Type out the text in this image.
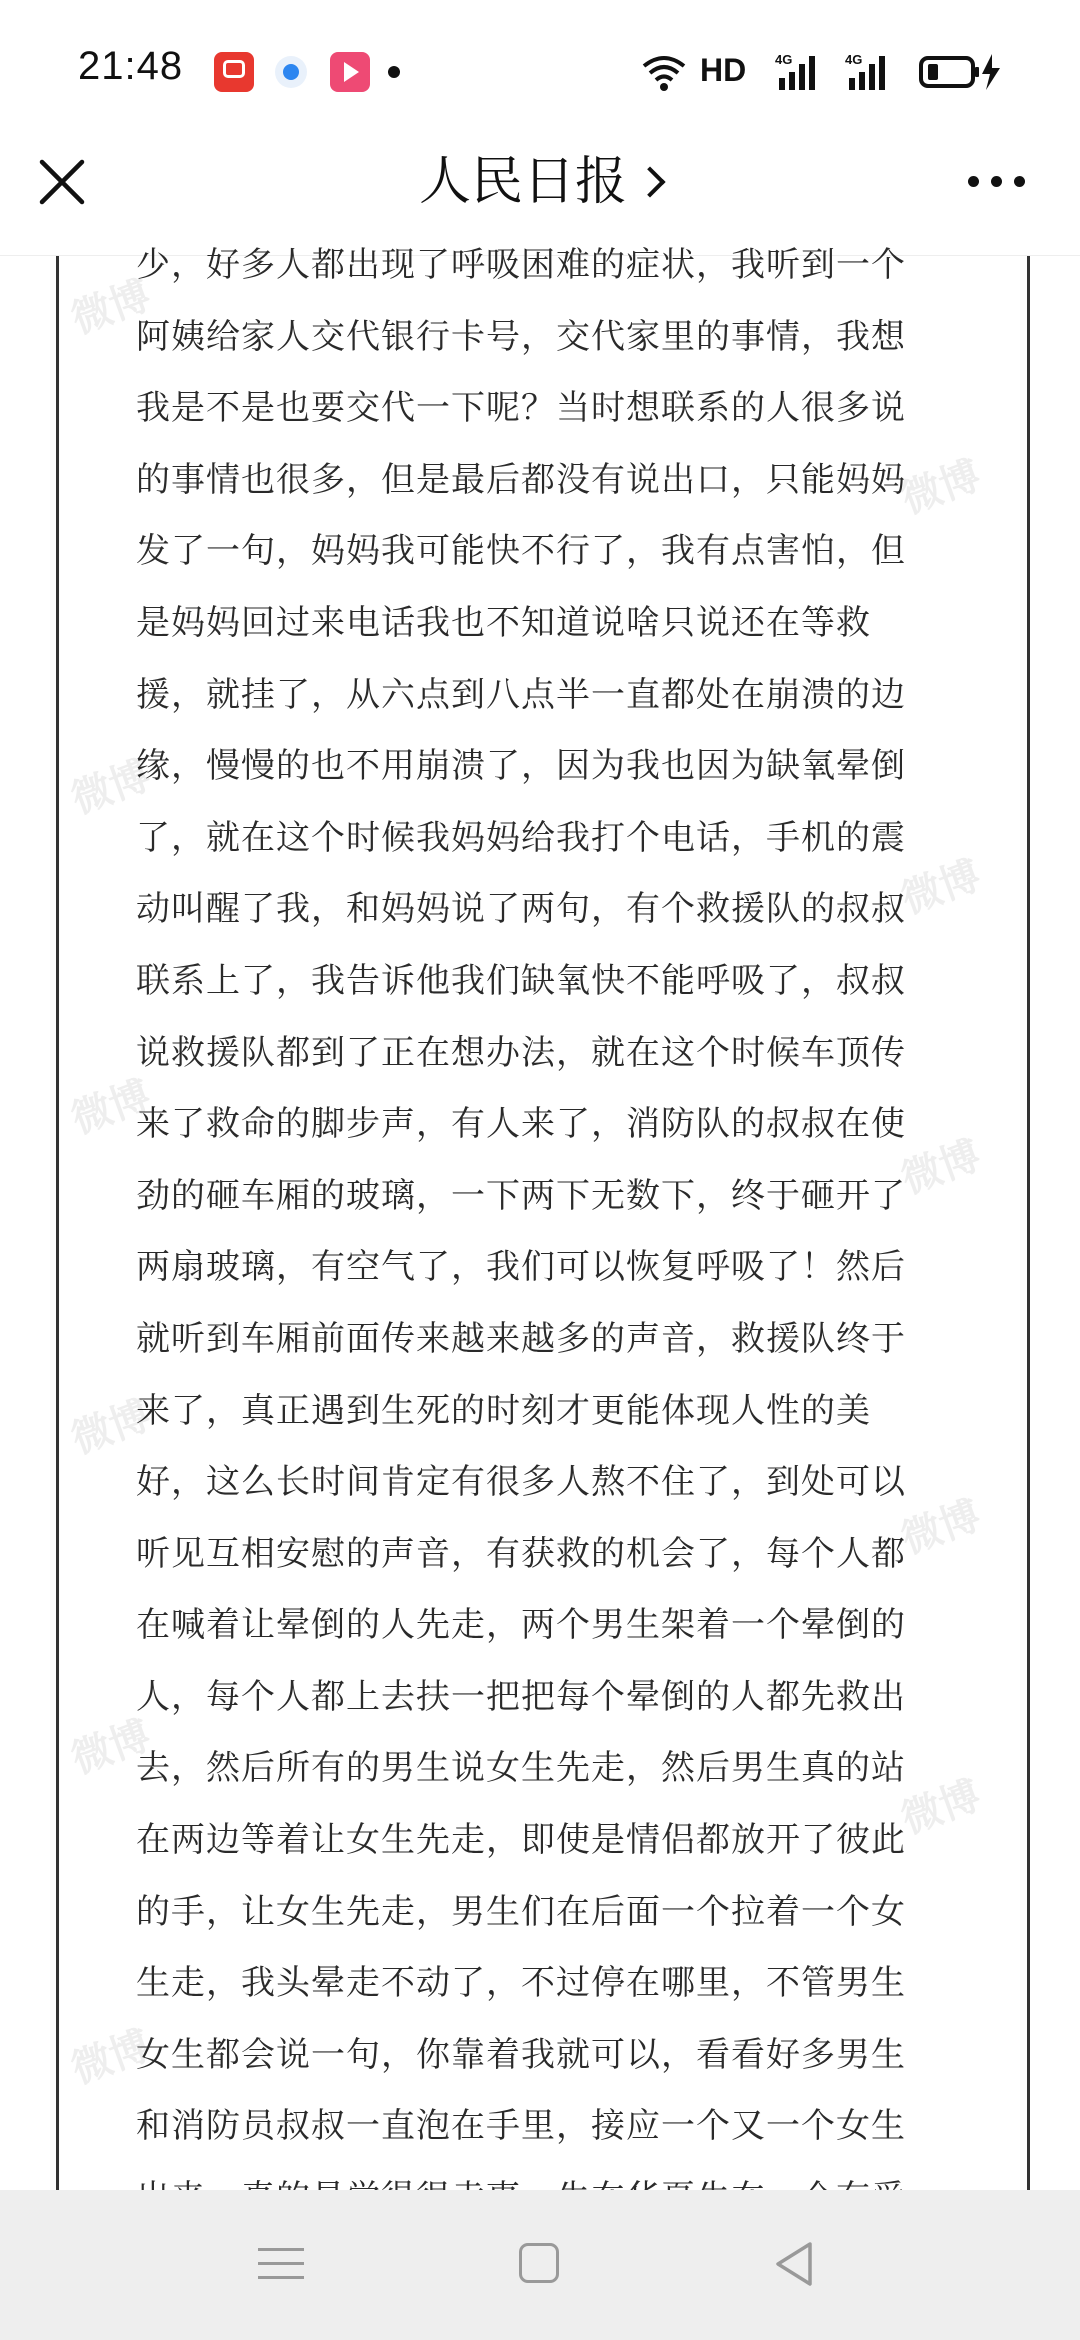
21:48	HD 4G	4G
人民日报
微博
微博
微博
微博
微博
微博
微博
微博
微博
微博
微博
少，好多人都出现了呼吸困难的症状，我听到一个
阿姨给家人交代银行卡号，交代家里的事情，我想
我是不是也要交代一下呢？当时想联系的人很多说
的事情也很多，但是最后都没有说出口，只能妈妈
发了一句，妈妈我可能快不行了，我有点害怕，但
是妈妈回过来电话我也不知道说啥只说还在等救
援，就挂了，从六点到八点半一直都处在崩溃的边
缘，慢慢的也不用崩溃了，因为我也因为缺氧晕倒
了，就在这个时候我妈妈给我打个电话，手机的震
动叫醒了我，和妈妈说了两句，有个救援队的叔叔
联系上了，我告诉他我们缺氧快不能呼吸了，叔叔
说救援队都到了正在想办法，就在这个时候车顶传
来了救命的脚步声，有人来了，消防队的叔叔在使
劲的砸车厢的玻璃，一下两下无数下，终于砸开了
两扇玻璃，有空气了，我们可以恢复呼吸了！然后
就听到车厢前面传来越来越多的声音，救援队终于
来了，真正遇到生死的时刻才更能体现人性的美
好，这么长时间肯定有很多人熬不住了，到处可以
听见互相安慰的声音，有获救的机会了，每个人都
在喊着让晕倒的人先走，两个男生架着一个晕倒的
人，每个人都上去扶一把把每个晕倒的人都先救出
去，然后所有的男生说女生先走，然后男生真的站
在两边等着让女生先走，即使是情侣都放开了彼此
的手，让女生先走，男生们在后面一个拉着一个女
生走，我头晕走不动了，不过停在哪里，不管男生
女生都会说一句，你靠着我就可以，看看好多男生
和消防员叔叔一直泡在手里，接应一个又一个女生
